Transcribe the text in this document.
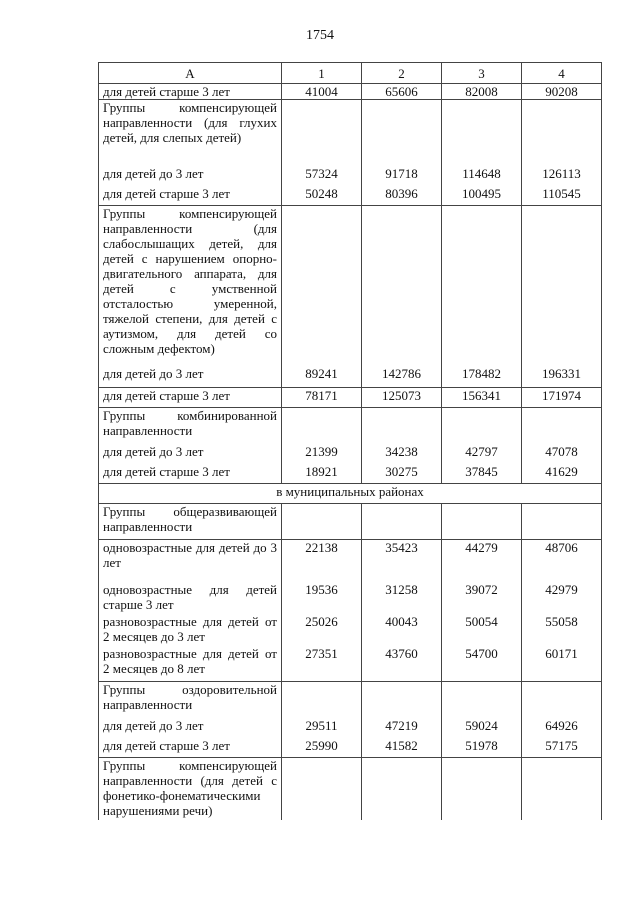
1754
А	1	2	3	4
для детей старше 3 лет	41004	65606	82008	90208
Группы компенсирующей направленности (для глухих детей, для слепых детей)				
для детей до 3 лет	57324	91718	114648	126113
для детей старше 3 лет	50248	80396	100495	110545
Группы компенсирующей направленности (для слабослышащих детей, для детей с нарушением опорно-двигательного аппарата, для детей с умственной отсталостью умеренной, тяжелой степени, для детей с аутизмом, для детей со сложным дефектом)				
для детей до 3 лет	89241	142786	178482	196331
для детей старше 3 лет	78171	125073	156341	171974
Группы комбинированной направленности				
для детей до 3 лет	21399	34238	42797	47078
для детей старше 3 лет	18921	30275	37845	41629
в муниципальных районах				
Группы общеразвивающей направленности				
одновозрастные для детей до 3 лет	22138	35423	44279	48706
одновозрастные для детей старше 3 лет	19536	31258	39072	42979
разновозрастные для детей от 2 месяцев до 3 лет	25026	40043	50054	55058
разновозрастные для детей от 2 месяцев до 8 лет	27351	43760	54700	60171
Группы оздоровительной направленности				
для детей до 3 лет	29511	47219	59024	64926
для детей старше 3 лет	25990	41582	51978	57175
Группы компенсирующей направленности (для детей с фонетико-фонематическими нарушениями речи)				
